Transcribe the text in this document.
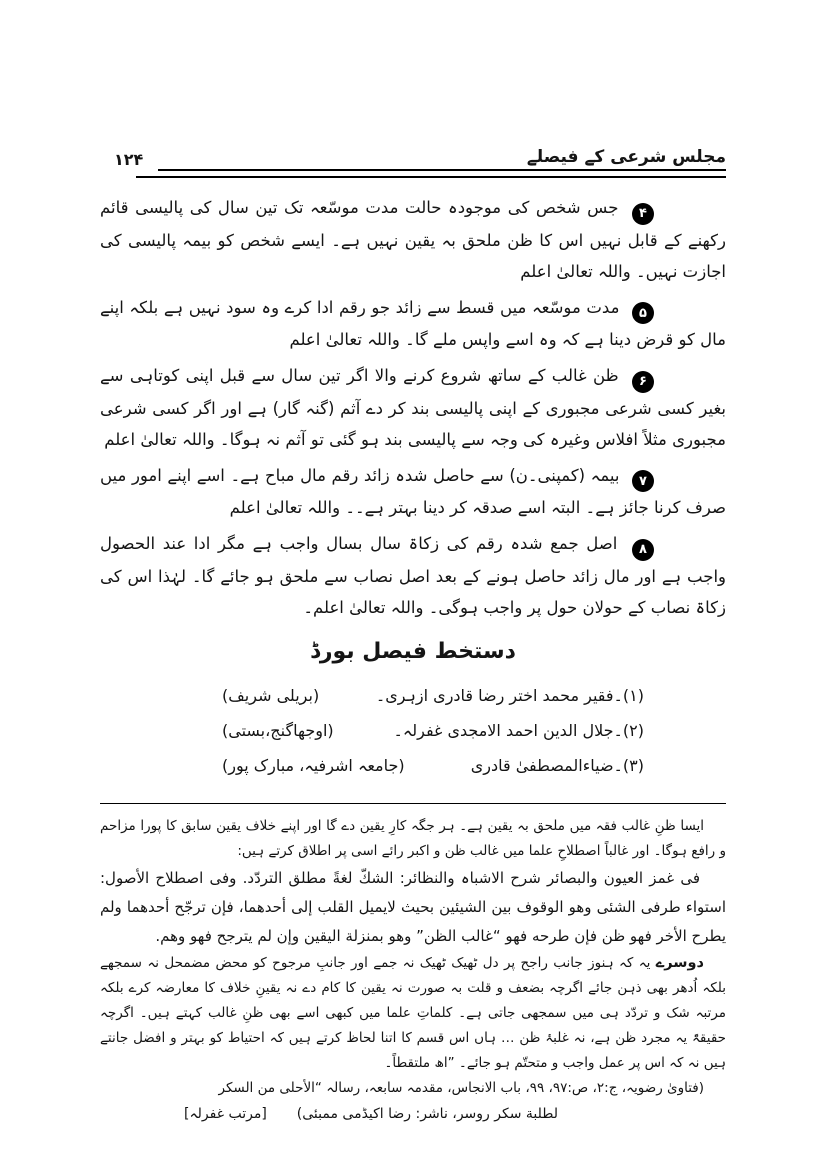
مجلس شرعی کے فیصلے
۱۲۴

۴ جس شخص کی موجودہ حالت مدت موسّعہ تک تین سال کی پالیسی قائم رکھنے کے قابل نہیں اس کا ظن ملحق بہ یقین نہیں ہے۔ ایسے شخص کو بیمہ پالیسی کی اجازت نہیں۔ واللہ تعالیٰ اعلم

۵ مدت موسّعہ میں قسط سے زائد جو رقم ادا کرے وہ سود نہیں ہے بلکہ اپنے مال کو قرض دینا ہے کہ وہ اسے واپس ملے گا۔ واللہ تعالیٰ اعلم

۶ ظن غالب کے ساتھ شروع کرنے والا اگر تین سال سے قبل اپنی کوتاہی سے بغیر کسی شرعی مجبوری کے اپنی پالیسی بند کر دے آثم (گنہ گار) ہے اور اگر کسی شرعی مجبوری مثلاً افلاس وغیرہ کی وجہ سے پالیسی بند ہو گئی تو آثم نہ ہوگا۔ واللہ تعالیٰ اعلم

۷ بیمہ (کمپنی۔ن) سے حاصل شدہ زائد رقم مال مباح ہے۔ اسے اپنے امور میں صرف کرنا جائز ہے۔ البتہ اسے صدقہ کر دینا بہتر ہے۔۔ واللہ تعالیٰ اعلم

۸ اصل جمع شدہ رقم کی زکاۃ سال بسال واجب ہے مگر ادا عند الحصول واجب ہے اور مال زائد حاصل ہونے کے بعد اصل نصاب سے ملحق ہو جائے گا۔ لہٰذا اس کی زکاۃ نصاب کے حولان حول پر واجب ہوگی۔ واللہ تعالیٰ اعلم۔

دستخط فیصل بورڈ
(۱)۔فقیر محمد اختر رضا قادری ازہری۔
(بریلی شریف)
(۲)۔جلال الدین احمد الامجدی غفرلہ۔
(اوجھاگنج،بستی)
(۳)۔ضیاءالمصطفیٰ قادری
(جامعہ اشرفیہ، مبارک پور)

ایسا ظنِ غالب فقہ میں ملحق بہ یقین ہے۔ ہر جگہ کارِ یقین دے گا اور اپنے خلاف یقین سابق کا پورا مزاحم و رافع ہوگا۔ اور غالباً اصطلاحِ علما میں غالب ظن و اکبر رائے اسی پر اطلاق کرتے ہیں:

فی غمز العیون والبصائر شرح الاشباہ والنظائر: الشكّ لغةً مطلق التردّد. وفی اصطلاح الأصول: استواء طرفی الشئی وهو الوقوف بین الشیئین بحیث لایمیل القلب إلی أحدهما، فإن ترجّح أحدهما ولم یطرح الأخر فهو ظن فإن طرحه فهو “غالب الظن” وهو بمنزلة الیقین وإن لم یترجح فهو وهم.

دوسرے یہ کہ ہنوز جانب راجح پر دل ٹھیک ٹھیک نہ جمے اور جانبِ مرجوح کو محض مضمحل نہ سمجھے بلکہ اُدھر بھی ذہن جائے اگرچہ بضعف و قلت بہ صورت نہ یقین کا کام دے نہ یقینِ خلاف کا معارضہ کرے بلکہ مرتبہ شک و تردّد ہی میں سمجھی جاتی ہے۔ کلماتِ علما میں کبھی اسے بھی ظنِ غالب کہتے ہیں۔ اگرچہ حقیقۃً یہ مجرد ظن ہے، نہ غلبۂ ظن … ہاں اس قسم کا اتنا لحاظ کرتے ہیں کہ احتیاط کو بہتر و افضل جانتے ہیں نہ کہ اس پر عمل واجب و متحتّم ہو جائے۔ ”اھ ملتقطاً۔

(فتاویٰ رضویہ، ج:۲، ص:۹۷، ۹۹، باب الانجاس، مقدمہ سابعہ، رسالہ “الأحلی من السکر

لطلبة سکر روسر، ناشر: رضا اکیڈمی ممبئی)
[مرتب غفرلہ]
